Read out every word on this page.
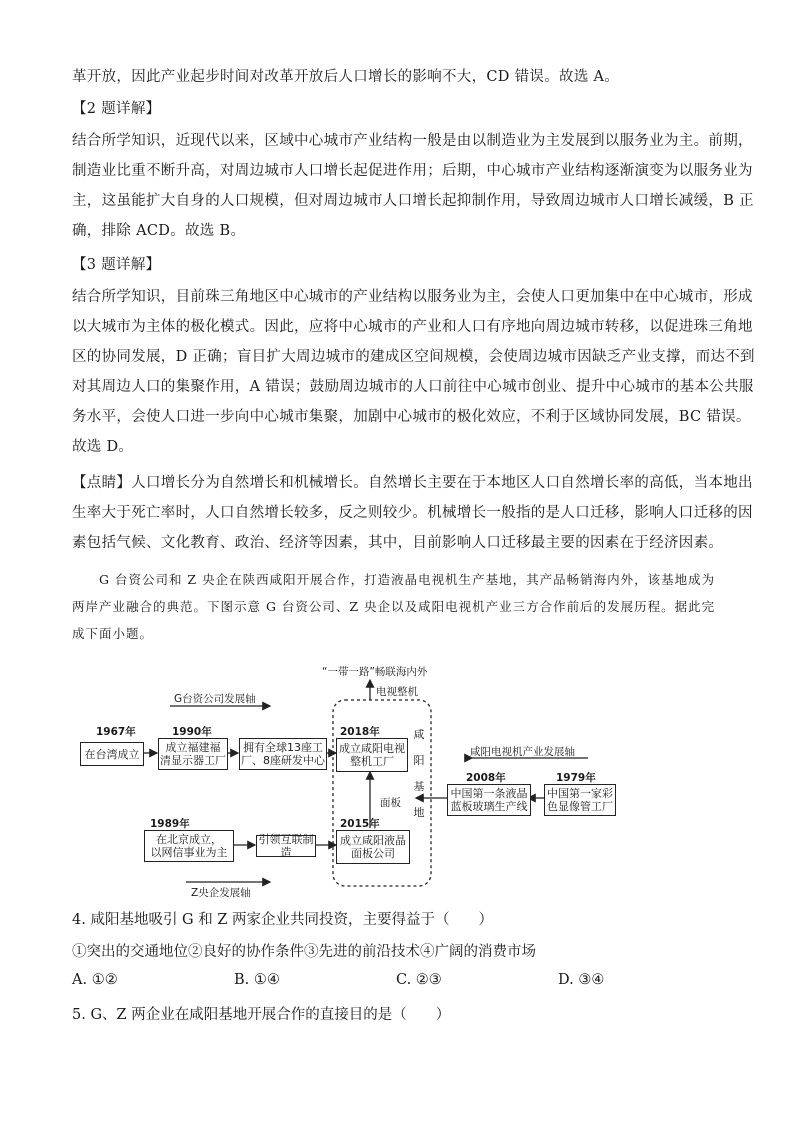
革开放，因此产业起步时间对改革开放后人口增长的影响不大，CD 错误。故选 A。

【2 题详解】

结合所学知识，近现代以来，区域中心城市产业结构一般是由以制造业为主发展到以服务业为主。前期，
制造业比重不断升高，对周边城市人口增长起促进作用；后期，中心城市产业结构逐渐演变为以服务业为
主，这虽能扩大自身的人口规模，但对周边城市人口增长起抑制作用，导致周边城市人口增长减缓，B 正
确，排除 ACD。故选 B。

【3 题详解】

结合所学知识，目前珠三角地区中心城市的产业结构以服务业为主，会使人口更加集中在中心城市，形成
以大城市为主体的极化模式。因此，应将中心城市的产业和人口有序地向周边城市转移，以促进珠三角地
区的协同发展，D 正确；盲目扩大周边城市的建成区空间规模，会使周边城市因缺乏产业支撑，而达不到
对其周边人口的集聚作用，A 错误；鼓励周边城市的人口前往中心城市创业、提升中心城市的基本公共服
务水平，会使人口进一步向中心城市集聚，加剧中心城市的极化效应，不利于区域协同发展，BC 错误。
故选 D。

【点睛】人口增长分为自然增长和机械增长。自然增长主要在于本地区人口自然增长率的高低，当本地出
生率大于死亡率时，人口自然增长较多，反之则较少。机械增长一般指的是人口迁移，影响人口迁移的因
素包括气候、文化教育、政治、经济等因素，其中，目前影响人口迁移最主要的因素在于经济因素。

　　G 台资公司和 Z 央企在陕西咸阳开展合作，打造液晶电视机生产基地，其产品畅销海内外，该基地成为
两岸产业融合的典范。下图示意 G 台资公司、Z 央企以及咸阳电视机产业三方合作前后的发展历程。据此完
成下面小题。

“一带一路”畅联海内外
电视整机
G台资公司发展轴
咸阳电视机产业发展轴
Z央企发展轴
面板
咸
阳
基
地
1967年	1990年	2018年
1989年	2015年
2008年	1979年
在台湾成立 成立福建福
清显示器工厂
拥有全球13座工
厂、8座研发中心
成立咸阳电视
整机工厂
中国第一条液晶
蓝板玻璃生产线
中国第一家彩
色显像管工厂
在北京成立，
以网信事业为主
引领互联制造
成立咸阳液晶
面板公司

4. 咸阳基地吸引 G 和 Z 两家企业共同投资，主要得益于（　　）

①突出的交通地位②良好的协作条件③先进的前沿技术④广阔的消费市场

A. ①②	B. ①④	C. ②③	D. ③④

5. G、Z 两企业在咸阳基地开展合作的直接目的是（　　）
